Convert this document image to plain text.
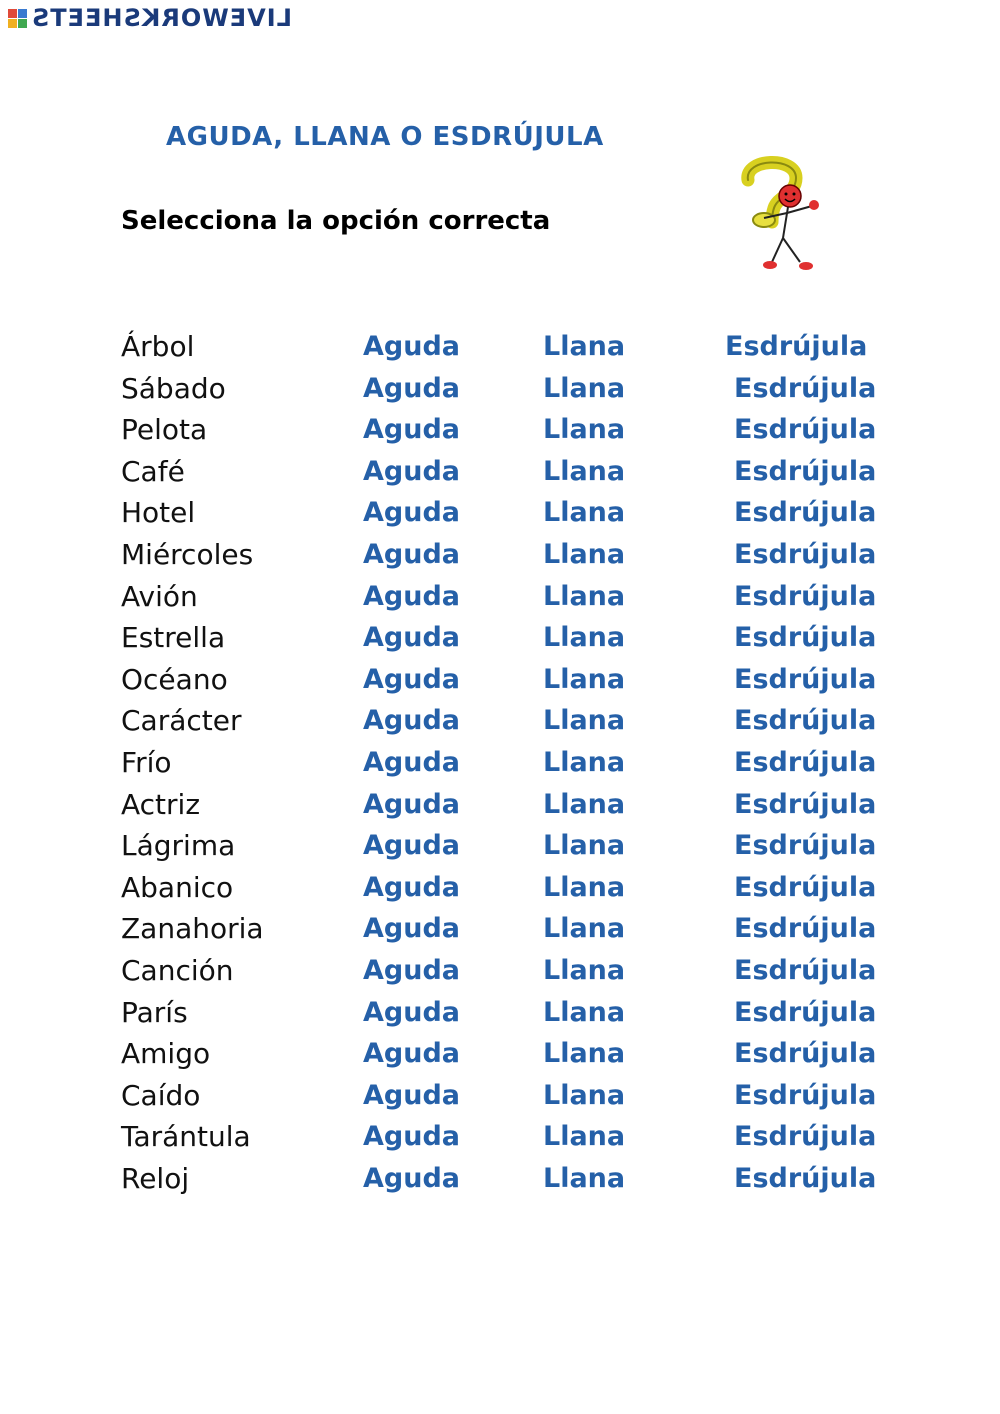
LIVEWORKSHEETS
AGUDA, LLANA O ESDRÚJULA

Selecciona la opción correcta

Árbol	Aguda	Llana	Esdrújula
Sábado	Aguda	Llana	Esdrújula
Pelota	Aguda	Llana	Esdrújula
Café	Aguda	Llana	Esdrújula
Hotel	Aguda	Llana	Esdrújula
Miércoles	Aguda	Llana	Esdrújula
Avión	Aguda	Llana	Esdrújula
Estrella	Aguda	Llana	Esdrújula
Océano	Aguda	Llana	Esdrújula
Carácter	Aguda	Llana	Esdrújula
Frío	Aguda	Llana	Esdrújula
Actriz	Aguda	Llana	Esdrújula
Lágrima	Aguda	Llana	Esdrújula
Abanico	Aguda	Llana	Esdrújula
Zanahoria	Aguda	Llana	Esdrújula
Canción	Aguda	Llana	Esdrújula
París	Aguda	Llana	Esdrújula
Amigo	Aguda	Llana	Esdrújula
Caído	Aguda	Llana	Esdrújula
Tarántula	Aguda	Llana	Esdrújula
Reloj	Aguda	Llana	Esdrújula
